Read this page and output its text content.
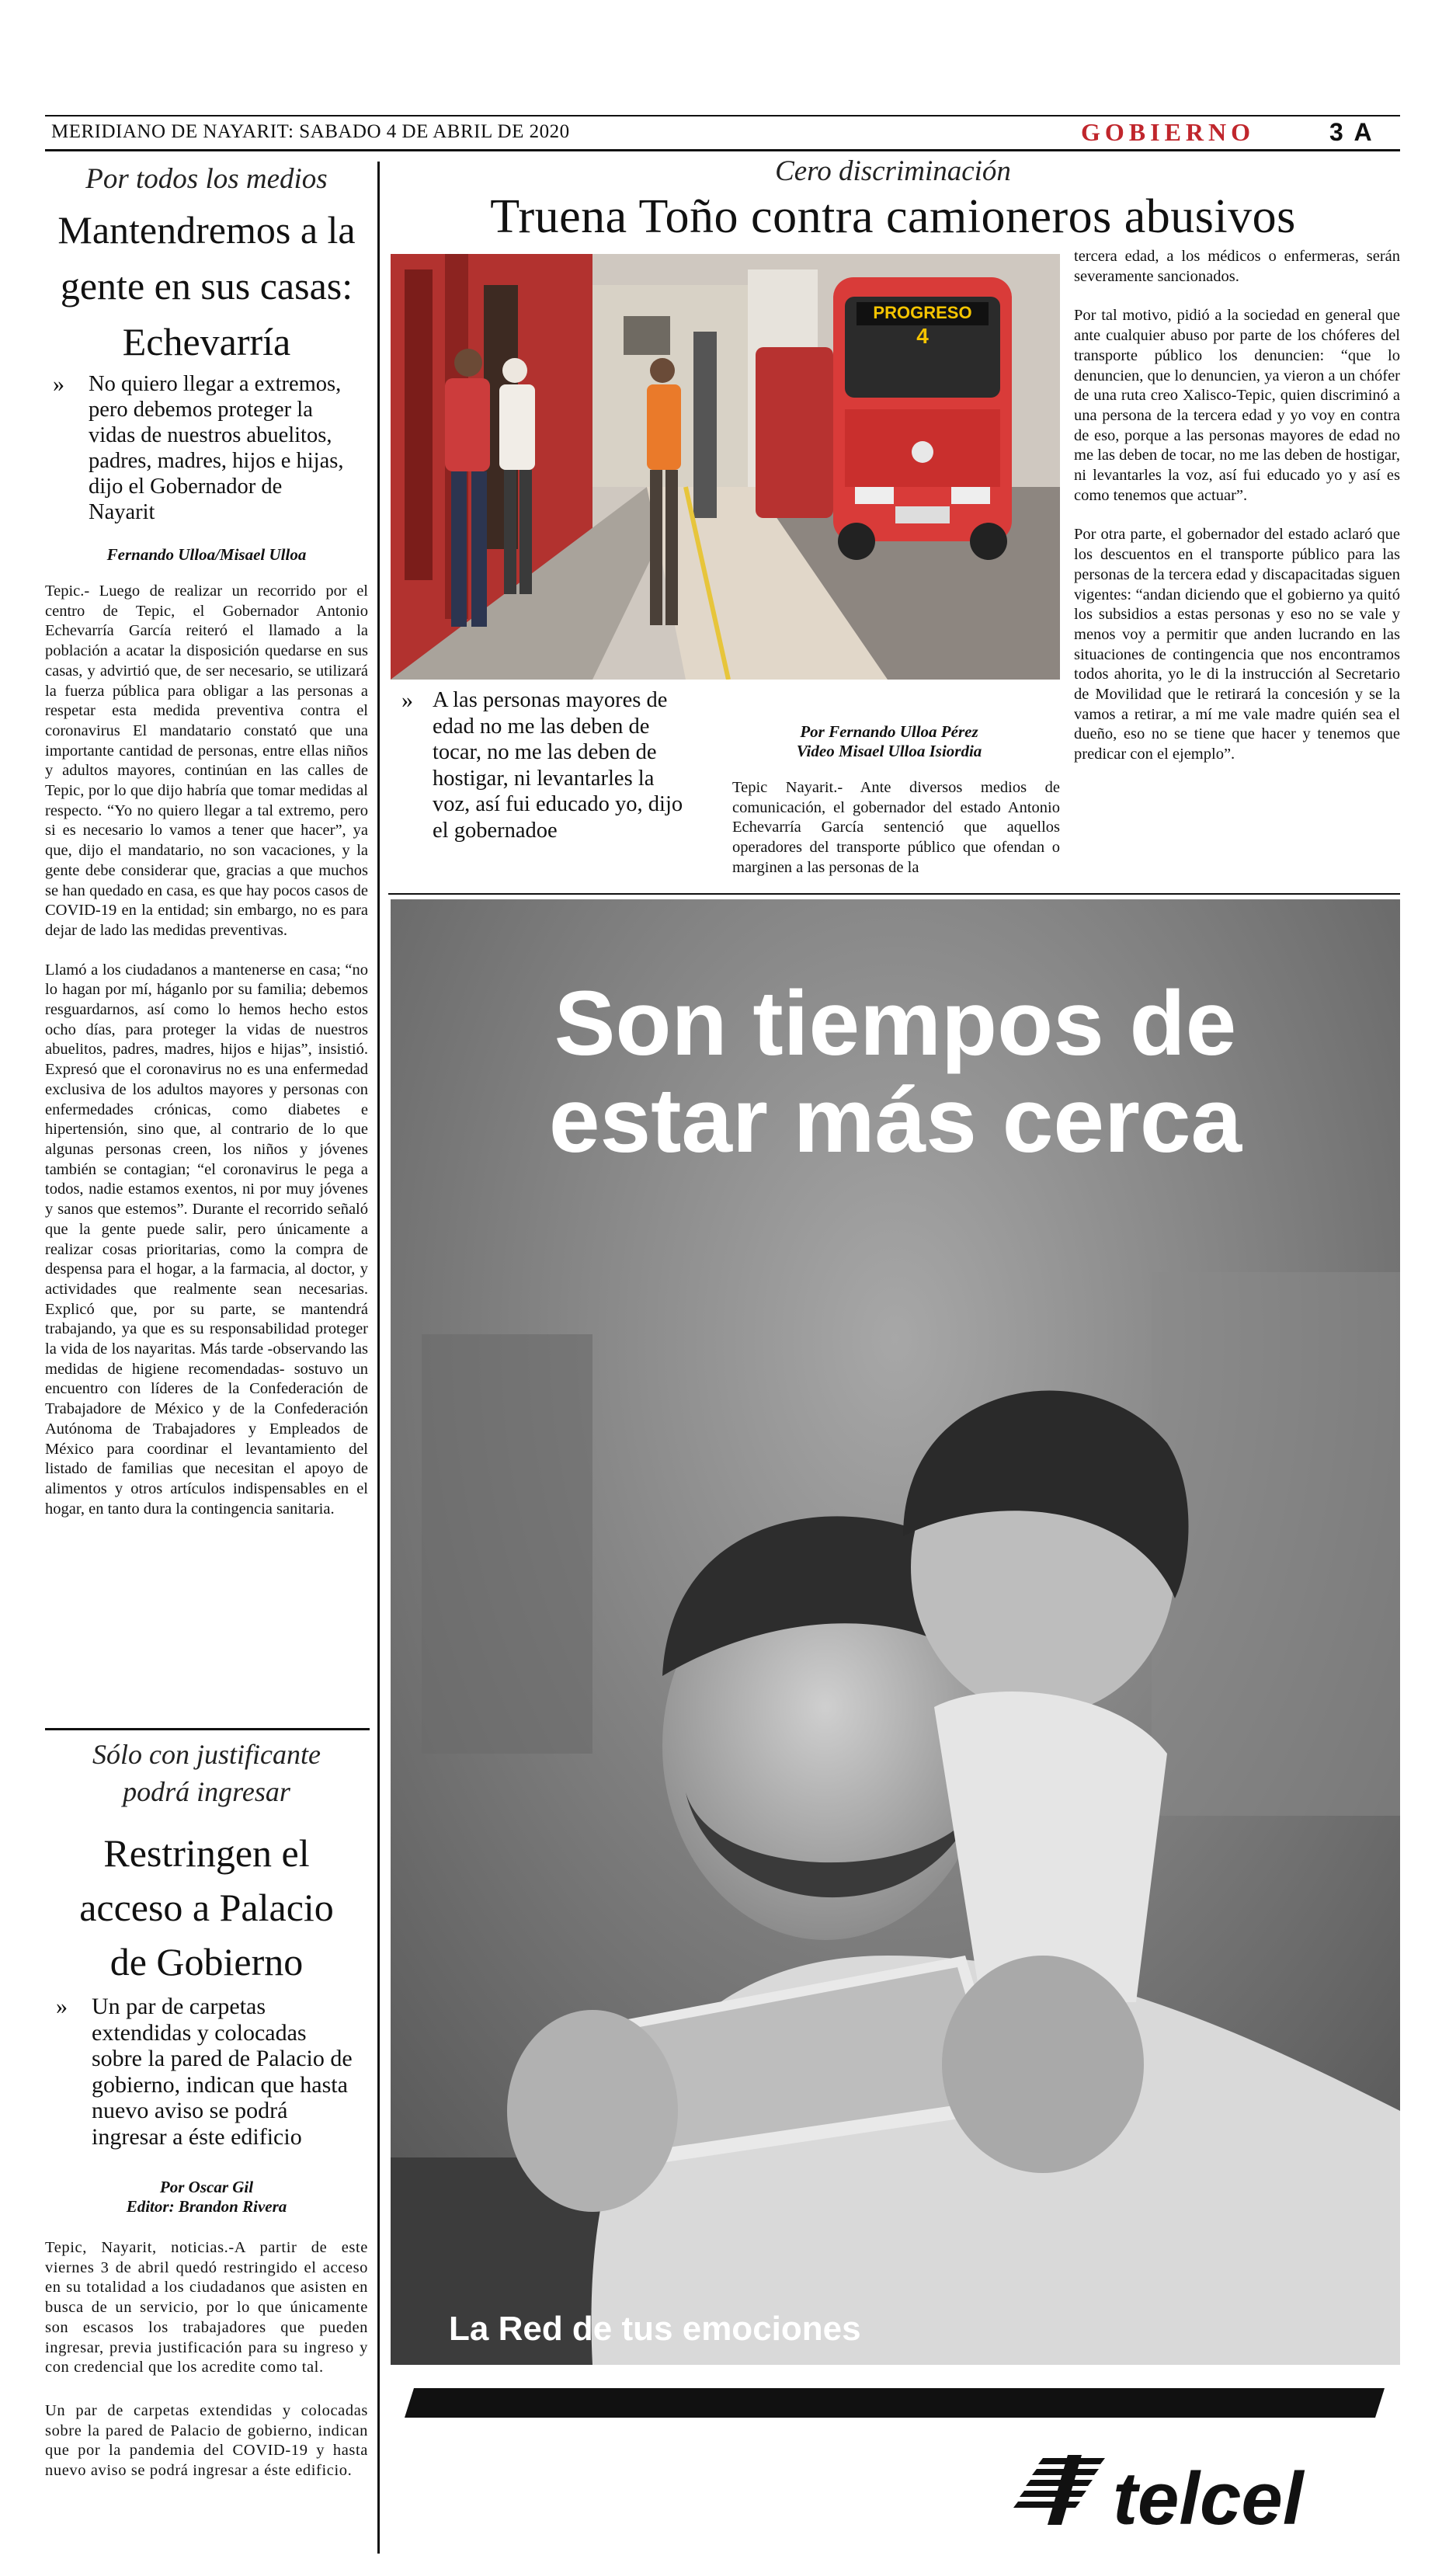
MERIDIANO DE NAYARIT: SABADO 4 DE ABRIL DE 2020	GOBIERNO	3 A
Por todos los medios
Mantendremos a la gente en sus casas: Echevarría
»	No quiero llegar a extremos, pero debemos proteger la vidas de nuestros abuelitos, padres, madres, hijos e hijas, dijo el Gobernador de Nayarit
Fernando Ulloa/Misael Ulloa

Tepic.- Luego de realizar un recorrido por el centro de Tepic, el Gobernador Antonio Echevarría García reiteró el llamado a la población a acatar la disposición quedarse en sus casas, y advirtió que, de ser necesario, se utilizará la fuerza pública para obligar a las personas a respetar esta medida preventiva contra el coronavirus El mandatario constató que una importante cantidad de personas, entre ellas niños y adultos mayores, continúan en las calles de Tepic, por lo que dijo habría que tomar medidas al respecto. “Yo no quiero llegar a tal extremo, pero si es necesario lo vamos a tener que hacer”, ya que, dijo el mandatario, no son vacaciones, y la gente debe considerar que, gracias a que muchos se han quedado en casa, es que hay pocos casos de COVID-19 en la entidad; sin embargo, no es para dejar de lado las medidas preventivas.

Llamó a los ciudadanos a mantenerse en casa; “no lo hagan por mí, háganlo por su familia; debemos resguardarnos, así como lo hemos hecho estos ocho días, para proteger la vidas de nuestros abuelitos, padres, madres, hijos e hijas”, insistió. Expresó que el coronavirus no es una enfermedad exclusiva de los adultos mayores y personas con enfermedades crónicas, como diabetes e hipertensión, sino que, al contrario de lo que algunas personas creen, los niños y jóvenes también se contagian; “el coronavirus le pega a todos, nadie estamos exentos, ni por muy jóvenes y sanos que estemos”. Durante el recorrido señaló que la gente puede salir, pero únicamente a realizar cosas prioritarias, como la compra de despensa para el hogar, a la farmacia, al doctor, y actividades que realmente sean necesarias. Explicó que, por su parte, se mantendrá trabajando, ya que es su responsabilidad proteger la vida de los nayaritas. Más tarde -observando las medidas de higiene recomendadas- sostuvo un encuentro con líderes de la Confederación de Trabajadore de México y de la Confederación Autónoma de Trabajadores y Empleados de México para coordinar el levantamiento del listado de familias que necesitan el apoyo de alimentos y otros artículos indispensables en el hogar, en tanto dura la contingencia sanitaria.

Sólo con justificante podrá ingresar
Restringen el acceso a Palacio de Gobierno
»	Un par de carpetas extendidas y colocadas sobre la pared de Palacio de gobierno, indican que hasta nuevo aviso se podrá ingresar a éste edificio
Por Oscar Gil
Editor: Brandon Rivera

Tepic, Nayarit, noticias.-A partir de este viernes 3 de abril quedó restringido el acceso en su totalidad a los ciudadanos que asisten en busca de un servicio, por lo que únicamente son escasos los trabajadores que pueden ingresar, previa justificación para su ingreso y con credencial que los acredite como tal.

Un par de carpetas extendidas y colocadas sobre la pared de Palacio de gobierno, indican que por la pandemia del COVID-19 y hasta nuevo aviso se podrá ingresar a éste edificio.

Cero discriminación
Truena Toño contra camioneros abusivos
PROGRESO
4
» A las personas mayores de edad no me las deben de tocar, no me las deben de hostigar, ni levantarles la voz, así fui educado yo, dijo el gobernadoe
Por Fernando Ulloa Pérez
Video Misael Ulloa Isiordia
Tepic Nayarit.- Ante diversos medios de comunicación, el gobernador del estado Antonio Echevarría García sentenció que aquellos operadores del transporte público que ofendan o marginen a las personas de la

tercera edad, a los médicos o enfermeras, serán severamente sancionados.

Por tal motivo, pidió a la sociedad en general que ante cualquier abuso por parte de los chóferes del transporte público los denuncien: “que lo denuncien, que lo denuncien, ya vieron a un chófer de una ruta creo Xalisco-Tepic, quien discriminó a una persona de la tercera edad y yo voy en contra de eso, porque a las personas mayores de edad no me las deben de tocar, no me las deben de hostigar, ni levantarles la voz, así fui educado yo y así es como tenemos que actuar”.

Por otra parte, el gobernador del estado aclaró que los descuentos en el transporte público para las personas de la tercera edad y discapacitadas siguen vigentes: “andan diciendo que el gobierno ya quitó los subsidios a estas personas y eso no se vale y menos voy a permitir que anden lucrando en las situaciones de contingencia que nos encontramos todos ahorita, yo le di la instrucción al Secretario de Movilidad que le retirará la concesión y se la vamos a retirar, a mí me vale madre quién sea el dueño, eso no se tiene que hacer y tenemos que predicar con el ejemplo”.

Son tiempos de
estar más cerca
La Red de tus emociones
telcel
